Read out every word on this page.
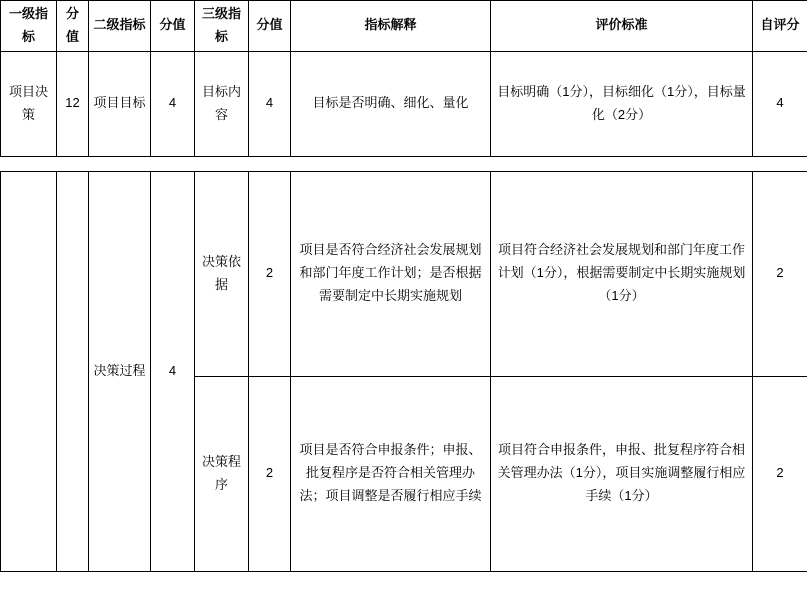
一级指标	分值	二级指标	分值	三级指标	分值	指标解释	评价标准	自评分
项目决策	12	项目目标	4	目标内容	4	目标是否明确、细化、量化	目标明确（1分），目标细化（1分），目标量化（2分）	4
		决策过程	4	决策依据	2	项目是否符合经济社会发展规划和部门年度工作计划；是否根据需要制定中长期实施规划	项目符合经济社会发展规划和部门年度工作计划（1分），根据需要制定中长期实施规划（1分）	2
				决策程序	2	项目是否符合申报条件；申报、批复程序是否符合相关管理办法；项目调整是否履行相应手续	项目符合申报条件，申报、批复程序符合相关管理办法（1分），项目实施调整履行相应手续（1分）	2
